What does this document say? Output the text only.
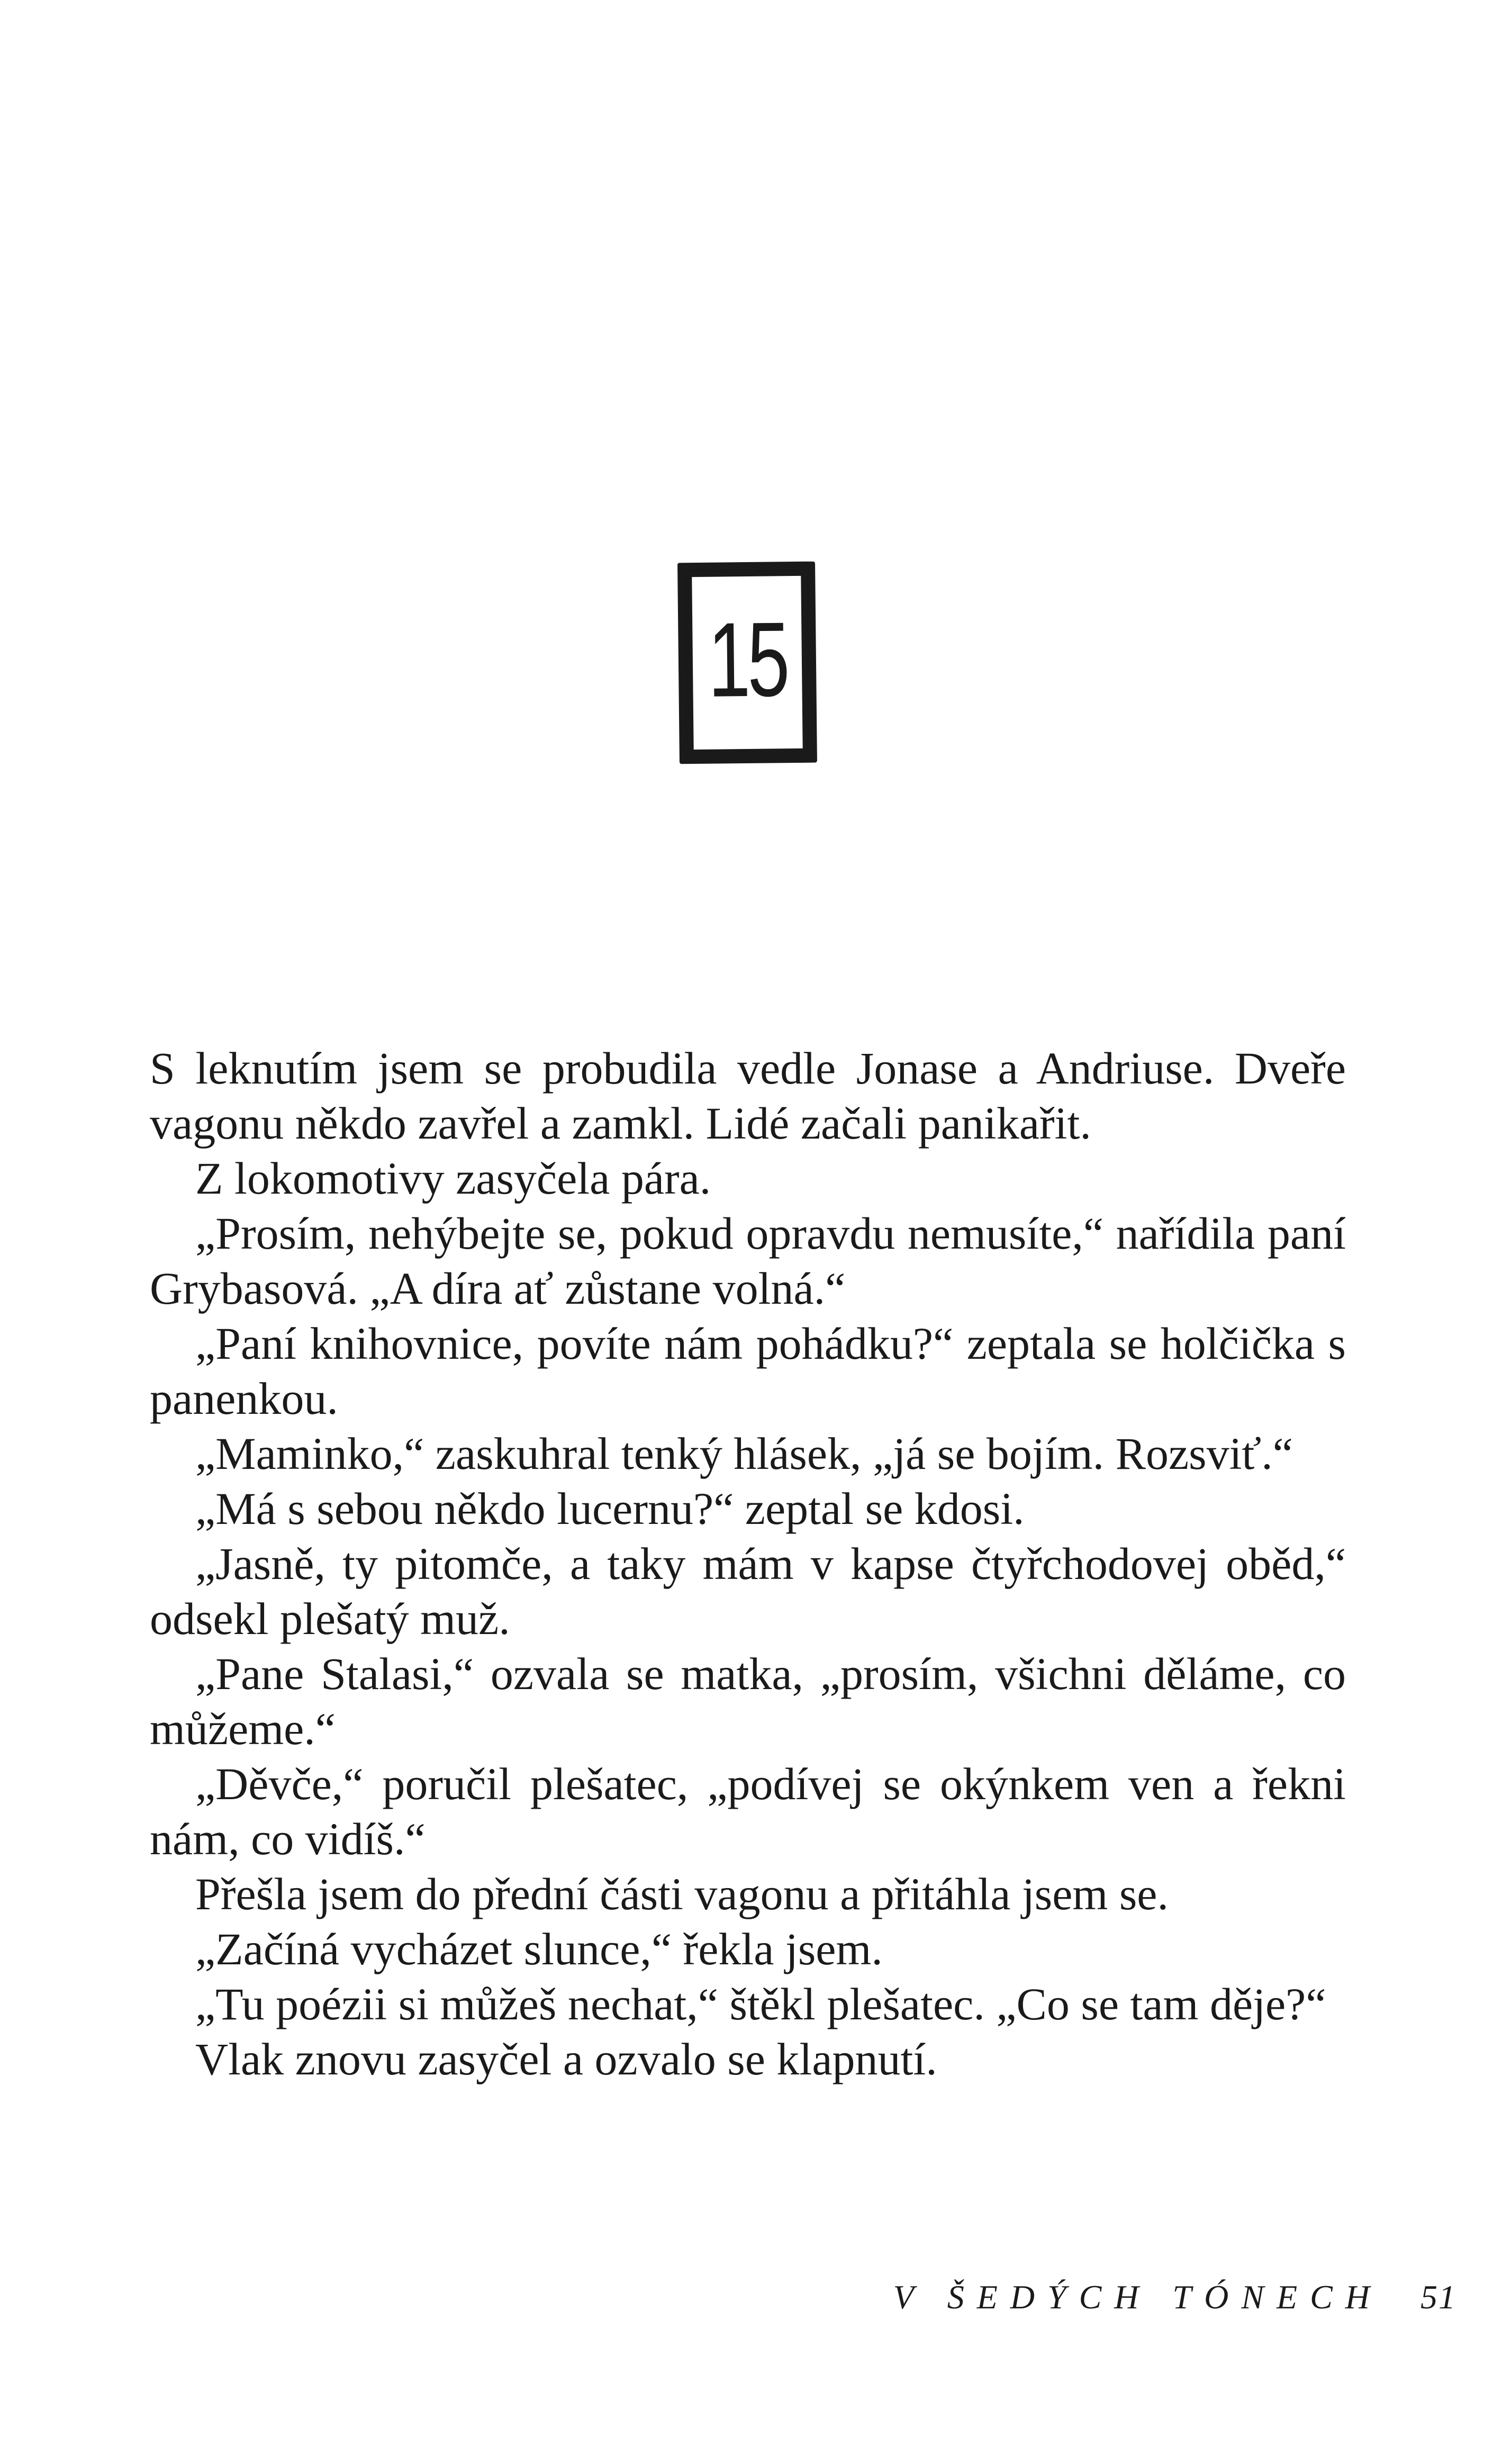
15

S leknutím jsem se probudila vedle Jonase a Andriuse. Dveře vagonu někdo zavřel a zamkl. Lidé začali panikařit.

Z lokomotivy zasyčela pára.

„Prosím, nehýbejte se, pokud opravdu nemusíte,“ nařídila paní Grybasová. „A díra ať zůstane volná.“

„Paní knihovnice, povíte nám pohádku?“ zeptala se holčička s panenkou.

„Maminko,“ zaskuhral tenký hlásek, „já se bojím. Rozsviť.“

„Má s sebou někdo lucernu?“ zeptal se kdosi.

„Jasně, ty pitomče, a taky mám v kapse čtyřchodovej oběd,“ odsekl plešatý muž.

„Pane Stalasi,“ ozvala se matka, „prosím, všichni děláme, co můžeme.“

„Děvče,“ poručil plešatec, „podívej se okýnkem ven a řekni nám, co vidíš.“

Přešla jsem do přední části vagonu a přitáhla jsem se.

„Začíná vycházet slunce,“ řekla jsem.

„Tu poézii si můžeš nechat,“ štěkl plešatec. „Co se tam děje?“

Vlak znovu zasyčel a ozvalo se klapnutí.

V ŠEDÝCH TÓNECH 51
